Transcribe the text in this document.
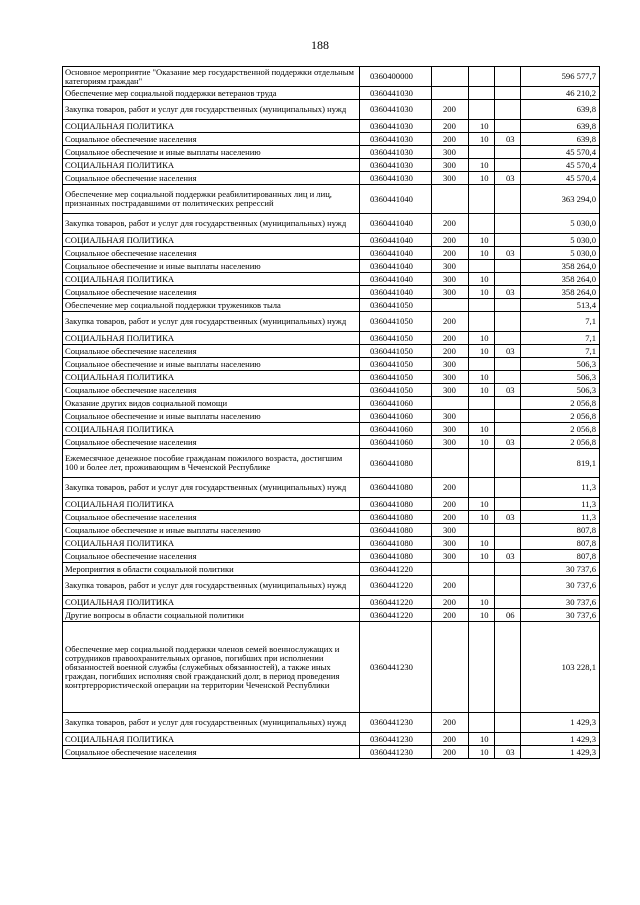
188
Основное мероприятие "Оказание мер государственной поддержки отдельным категориям граждан"	0360400000				596 577,7
Обеспечение мер социальной поддержки ветеранов труда	0360441030				46 210,2
Закупка товаров, работ и услуг для государственных (муниципальных) нужд	0360441030	200			639,8
СОЦИАЛЬНАЯ ПОЛИТИКА	0360441030	200	10		639,8
Социальное обеспечение населения	0360441030	200	10	03	639,8
Социальное обеспечение и иные выплаты населению	0360441030	300			45 570,4
СОЦИАЛЬНАЯ ПОЛИТИКА	0360441030	300	10		45 570,4
Социальное обеспечение населения	0360441030	300	10	03	45 570,4
Обеспечение мер социальной поддержки реабилитированных лиц и лиц, признанных пострадавшими от политических репрессий	0360441040				363 294,0
Закупка товаров, работ и услуг для государственных (муниципальных) нужд	0360441040	200			5 030,0
СОЦИАЛЬНАЯ ПОЛИТИКА	0360441040	200	10		5 030,0
Социальное обеспечение населения	0360441040	200	10	03	5 030,0
Социальное обеспечение и иные выплаты населению	0360441040	300			358 264,0
СОЦИАЛЬНАЯ ПОЛИТИКА	0360441040	300	10		358 264,0
Социальное обеспечение населения	0360441040	300	10	03	358 264,0
Обеспечение мер социальной поддержки тружеников тыла	0360441050				513,4
Закупка товаров, работ и услуг для государственных (муниципальных) нужд	0360441050	200			7,1
СОЦИАЛЬНАЯ ПОЛИТИКА	0360441050	200	10		7,1
Социальное обеспечение населения	0360441050	200	10	03	7,1
Социальное обеспечение и иные выплаты населению	0360441050	300			506,3
СОЦИАЛЬНАЯ ПОЛИТИКА	0360441050	300	10		506,3
Социальное обеспечение населения	0360441050	300	10	03	506,3
Оказание других видов социальной помощи	0360441060				2 056,8
Социальное обеспечение и иные выплаты населению	0360441060	300			2 056,8
СОЦИАЛЬНАЯ ПОЛИТИКА	0360441060	300	10		2 056,8
Социальное обеспечение населения	0360441060	300	10	03	2 056,8
Ежемесячное денежное пособие гражданам пожилого возраста, достигшим 100 и более лет, проживающим в Чеченской Республике	0360441080				819,1
Закупка товаров, работ и услуг для государственных (муниципальных) нужд	0360441080	200			11,3
СОЦИАЛЬНАЯ ПОЛИТИКА	0360441080	200	10		11,3
Социальное обеспечение населения	0360441080	200	10	03	11,3
Социальное обеспечение и иные выплаты населению	0360441080	300			807,8
СОЦИАЛЬНАЯ ПОЛИТИКА	0360441080	300	10		807,8
Социальное обеспечение населения	0360441080	300	10	03	807,8
Мероприятия в области социальной политики	0360441220				30 737,6
Закупка товаров, работ и услуг для государственных (муниципальных) нужд	0360441220	200			30 737,6
СОЦИАЛЬНАЯ ПОЛИТИКА	0360441220	200	10		30 737,6
Другие вопросы в области социальной политики	0360441220	200	10	06	30 737,6
Обеспечение мер социальной поддержки членов семей военнослужащих и сотрудников правоохранительных органов, погибших при исполнении обязанностей военной службы (служебных обязанностей), а также иных граждан, погибших исполняя свой гражданский долг, в период проведения контртеррористической операции на территории Чеченской Республики	0360441230				103 228,1
Закупка товаров, работ и услуг для государственных (муниципальных) нужд	0360441230	200			1 429,3
СОЦИАЛЬНАЯ ПОЛИТИКА	0360441230	200	10		1 429,3
Социальное обеспечение населения	0360441230	200	10	03	1 429,3
